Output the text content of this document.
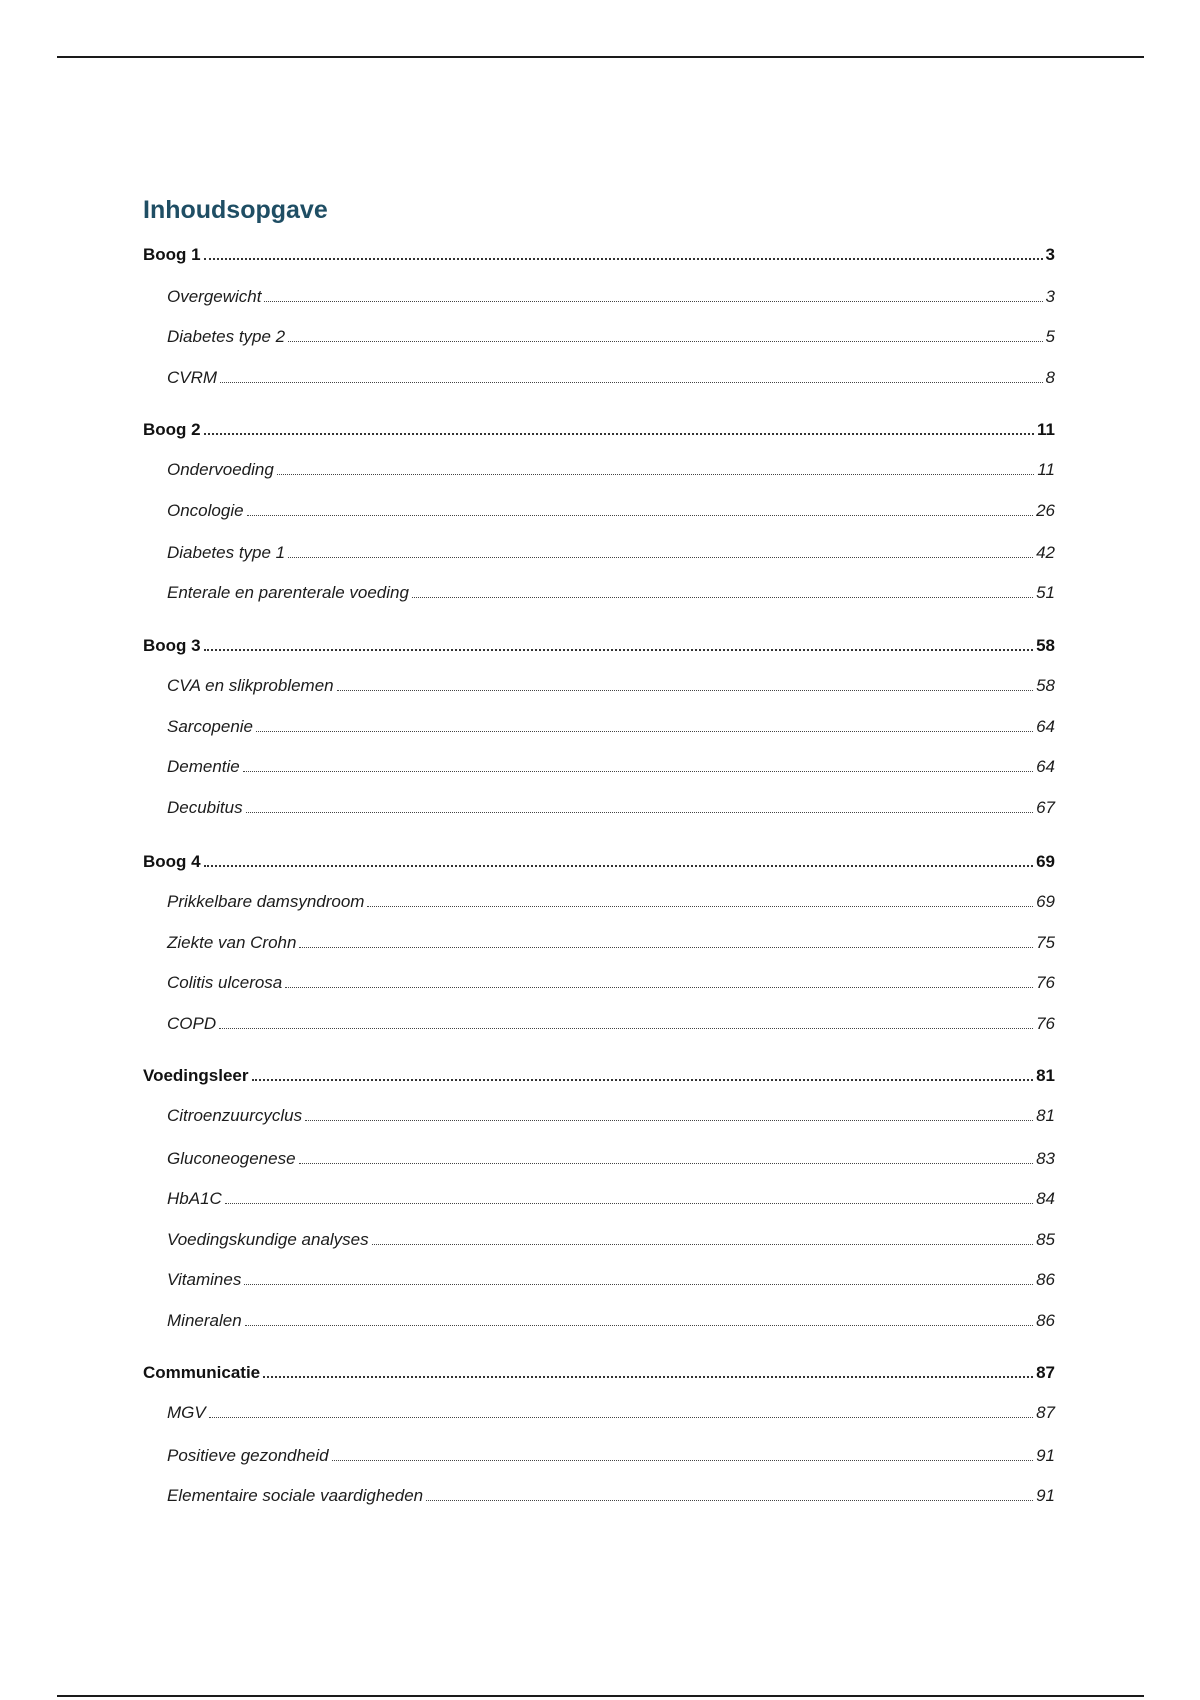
Inhoudsopgave
Boog 1	3
Overgewicht	3
Diabetes type 2	5
CVRM	8
Boog 2	11
Ondervoeding	11
Oncologie	26
Diabetes type 1	42
Enterale en parenterale voeding	51
Boog 3	58
CVA en slikproblemen	58
Sarcopenie	64
Dementie	64
Decubitus	67
Boog 4	69
Prikkelbare damsyndroom	69
Ziekte van Crohn	75
Colitis ulcerosa	76
COPD	76
Voedingsleer	81
Citroenzuurcyclus	81
Gluconeogenese	83
HbA1C	84
Voedingskundige analyses	85
Vitamines	86
Mineralen	86
Communicatie	87
MGV	87
Positieve gezondheid	91
Elementaire sociale vaardigheden	91
